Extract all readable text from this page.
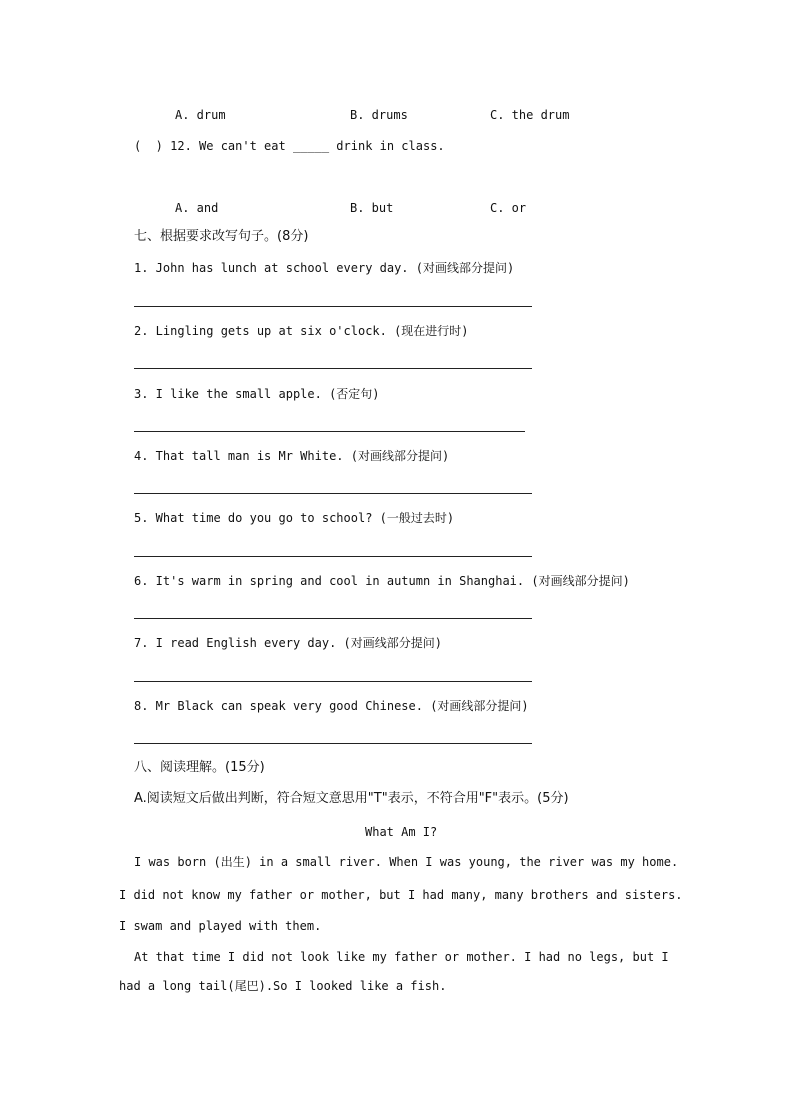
A. drum	B. drums	C. the drum
(  ) 12. We can't eat _____ drink in class.
A. and	B. but	C. or
七、根据要求改写句子。(8分)
1. John has lunch at school every day. (对画线部分提问)
2. Lingling gets up at six o'clock. (现在进行时)
3. I like the small apple. (否定句)
4. That tall man is Mr White. (对画线部分提问)
5. What time do you go to school? (一般过去时)
6. It's warm in spring and cool in autumn in Shanghai. (对画线部分提问)
7. I read English every day. (对画线部分提问)
8. Mr Black can speak very good Chinese. (对画线部分提问)
八、阅读理解。(15分)
A.阅读短文后做出判断，符合短文意思用"T"表示，不符合用"F"表示。(5分)
What Am I?
I was born (出生) in a small river. When I was young, the river was my home.
I did not know my father or mother, but I had many, many brothers and sisters.
I swam and played with them.
At that time I did not look like my father or mother. I had no legs, but I
had a long tail(尾巴).So I looked like a fish.
